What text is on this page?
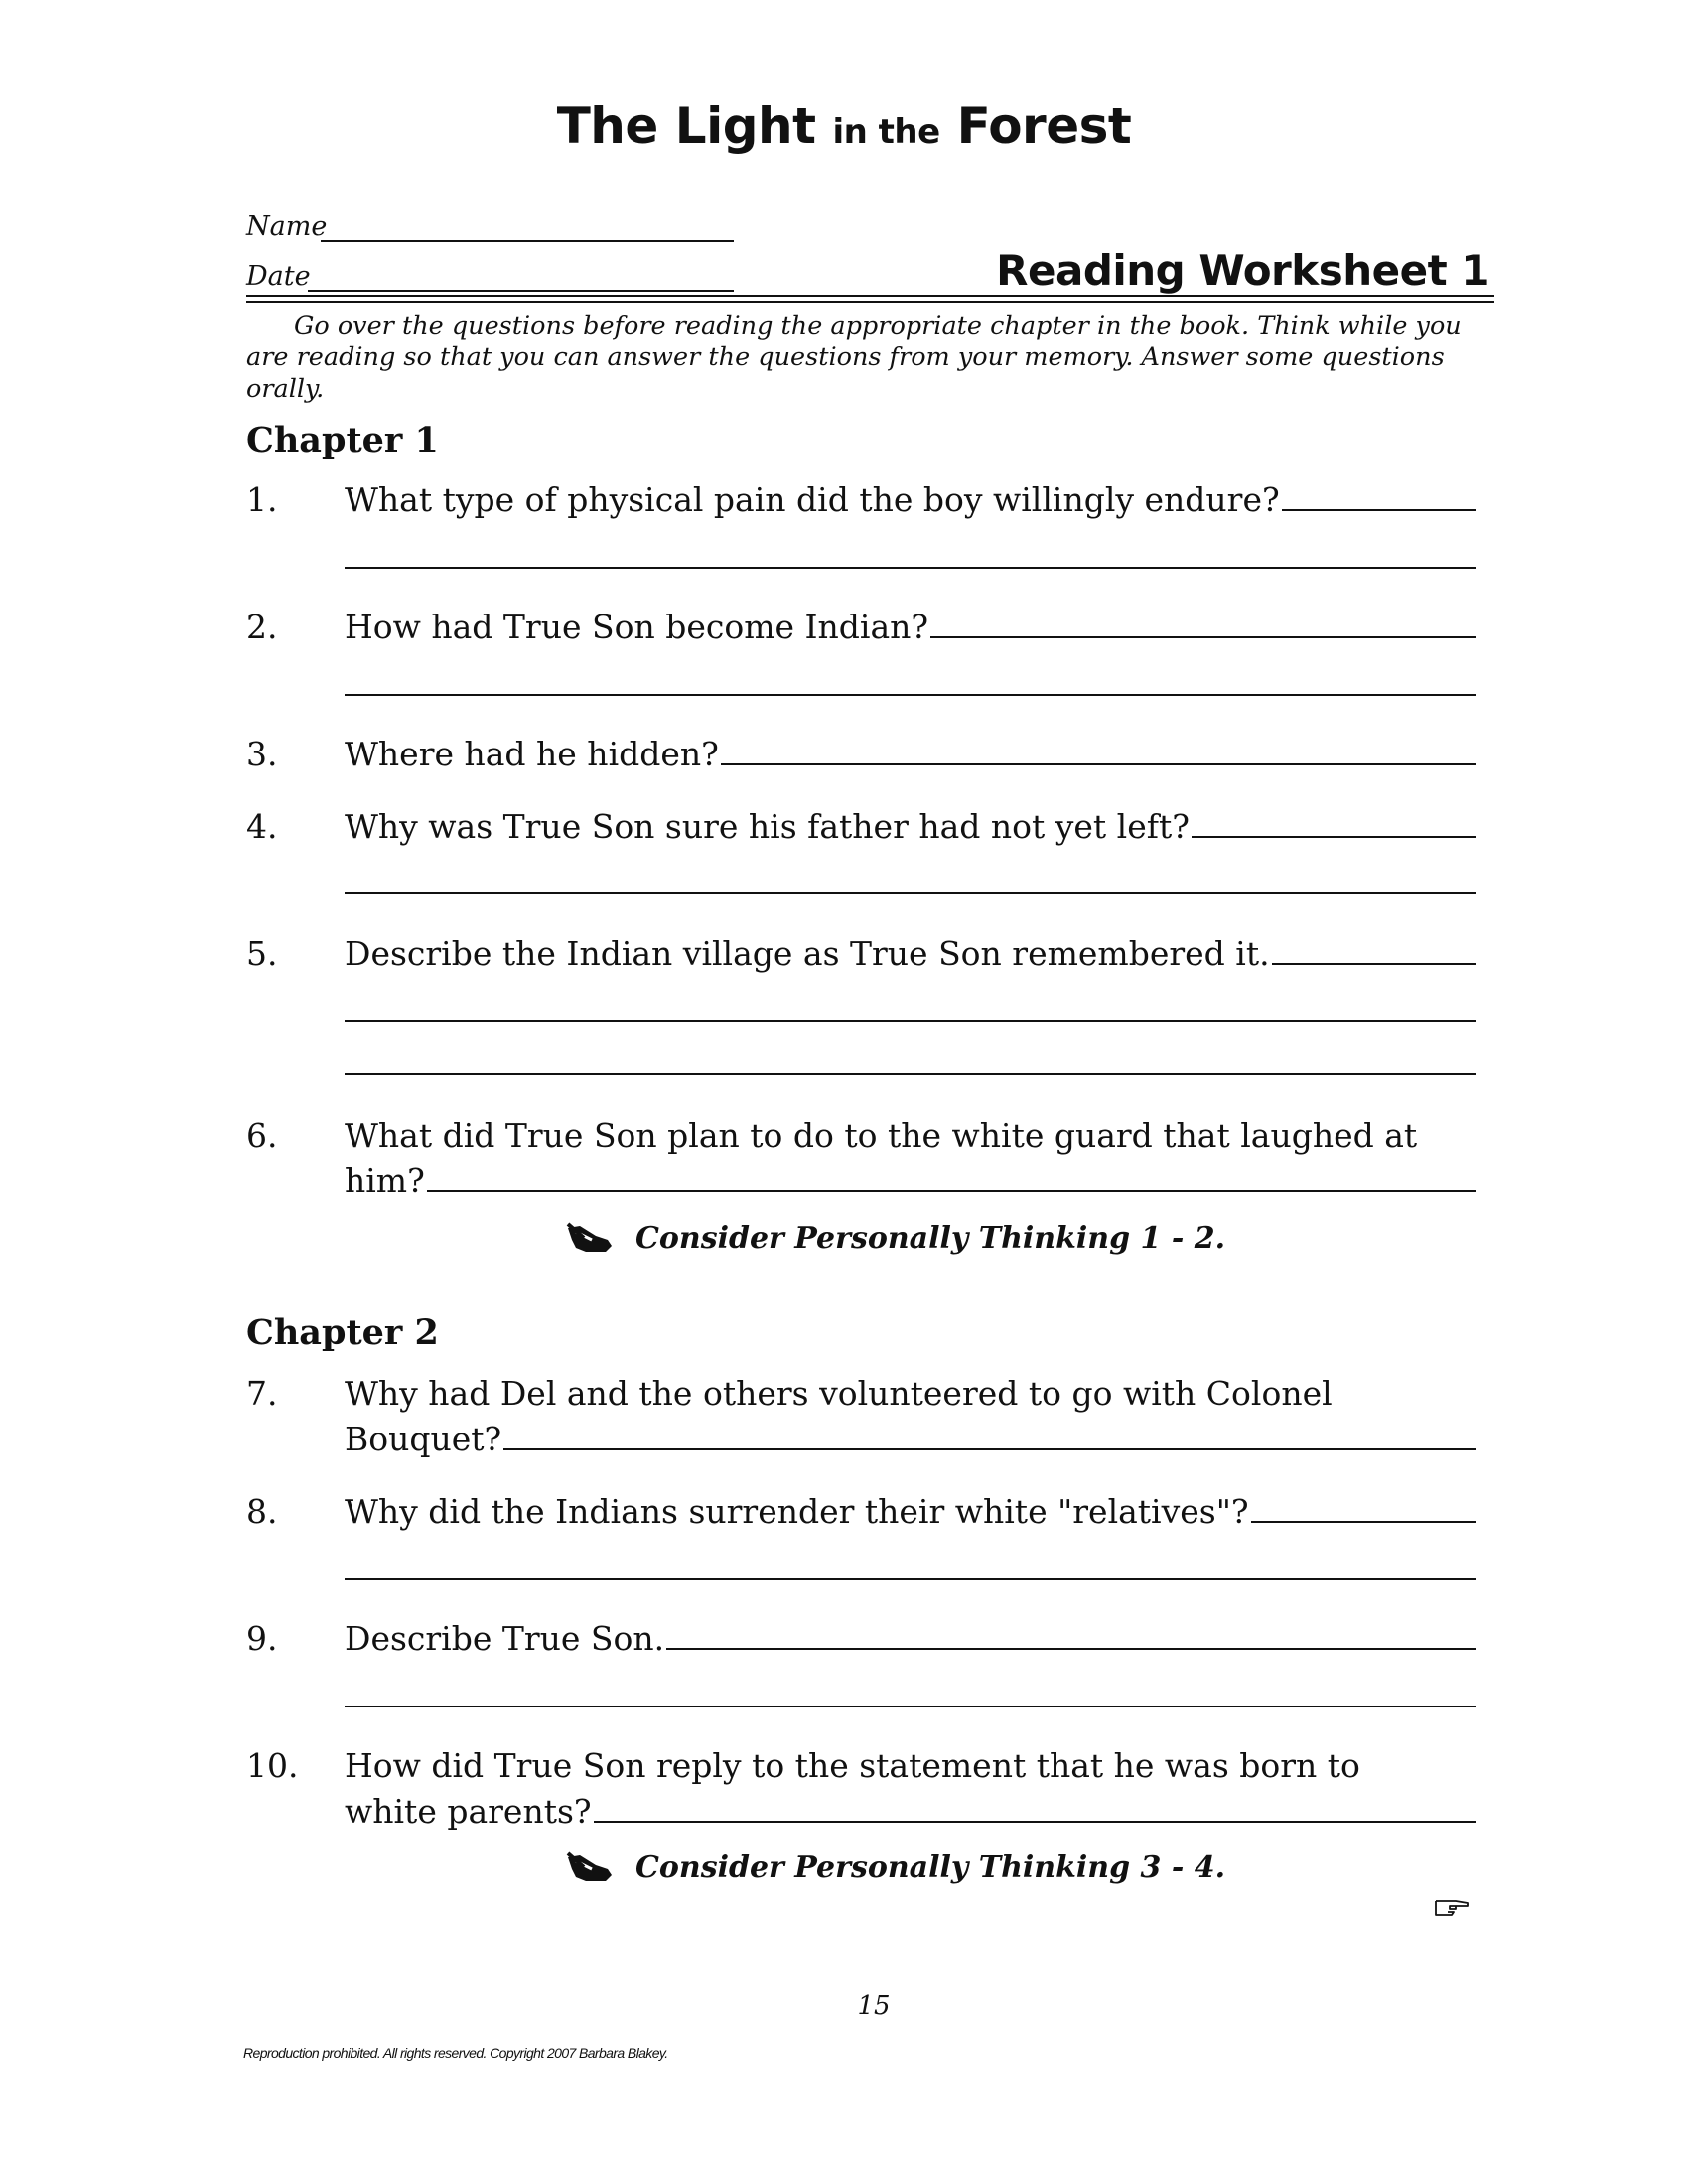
The Light in the Forest
Name
Date	Reading Worksheet 1
Go over the questions before reading the appropriate chapter in the book. Think while you are reading so that you can answer the questions from your memory. Answer some questions orally.
Chapter 1
1. What type of physical pain did the boy willingly endure?
2. How had True Son become Indian?
3. Where had he hidden?
4. Why was True Son sure his father had not yet left?
5. Describe the Indian village as True Son remembered it.
6. What did True Son plan to do to the white guard that laughed at
him?
Consider Personally Thinking 1 - 2.
Chapter 2
7. Why had Del and the others volunteered to go with Colonel
Bouquet?
8. Why did the Indians surrender their white "relatives"?
9. Describe True Son.
10. How did True Son reply to the statement that he was born to
white parents?
Consider Personally Thinking 3 - 4.
15
Reproduction prohibited. All rights reserved. Copyright 2007 Barbara Blakey.
